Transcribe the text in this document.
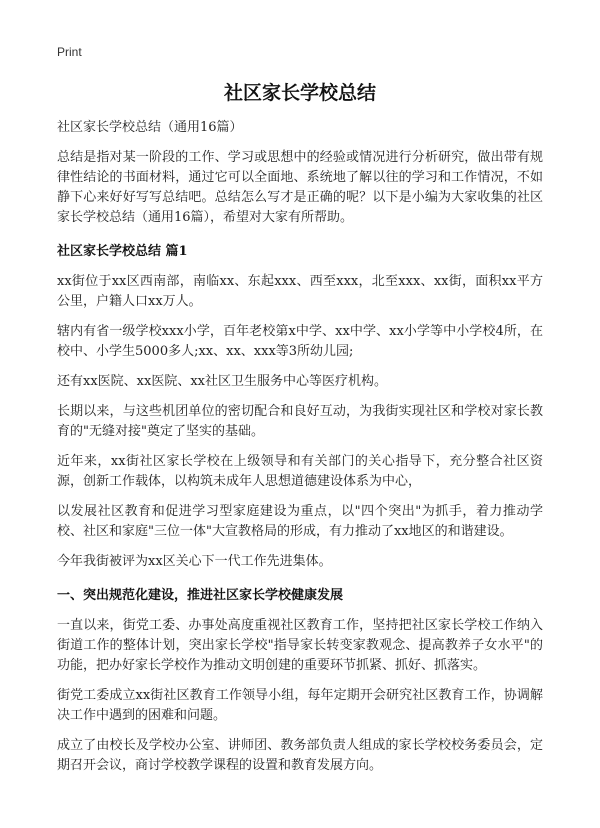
Print
社区家长学校总结
社区家长学校总结（通用16篇）

总结是指对某一阶段的工作、学习或思想中的经验或情况进行分析研究，做出带有规律性结论的书面材料，通过它可以全面地、系统地了解以往的学习和工作情况，不如静下心来好好写写总结吧。总结怎么写才是正确的呢？以下是小编为大家收集的社区家长学校总结（通用16篇），希望对大家有所帮助。

社区家长学校总结 篇1

xx街位于xx区西南部，南临xx、东起xxx、西至xxx，北至xxx、xx街，面积xx平方公里，户籍人口xx万人。

辖内有省一级学校xxx小学，百年老校第x中学、xx中学、xx小学等中小学校4所，在校中、小学生5000多人;xx、xx、xxx等3所幼儿园;

还有xx医院、xx医院、xx社区卫生服务中心等医疗机构。

长期以来，与这些机团单位的密切配合和良好互动，为我街实现社区和学校对家长教育的"无缝对接"奠定了坚实的基础。

近年来，xx街社区家长学校在上级领导和有关部门的关心指导下，充分整合社区资源，创新工作载体，以构筑未成年人思想道德建设体系为中心，

以发展社区教育和促进学习型家庭建设为重点，以"四个突出"为抓手，着力推动学校、社区和家庭"三位一体"大宣教格局的形成，有力推动了xx地区的和谐建设。

今年我街被评为xx区关心下一代工作先进集体。

一、突出规范化建设，推进社区家长学校健康发展

一直以来，街党工委、办事处高度重视社区教育工作，坚持把社区家长学校工作纳入街道工作的整体计划，突出家长学校"指导家长转变家教观念、提高教养子女水平"的功能，把办好家长学校作为推动文明创建的重要环节抓紧、抓好、抓落实。

街党工委成立xx街社区教育工作领导小组，每年定期开会研究社区教育工作，协调解决工作中遇到的困难和问题。

成立了由校长及学校办公室、讲师团、教务部负责人组成的家长学校校务委员会，定期召开会议，商讨学校教学课程的设置和教育发展方向。
